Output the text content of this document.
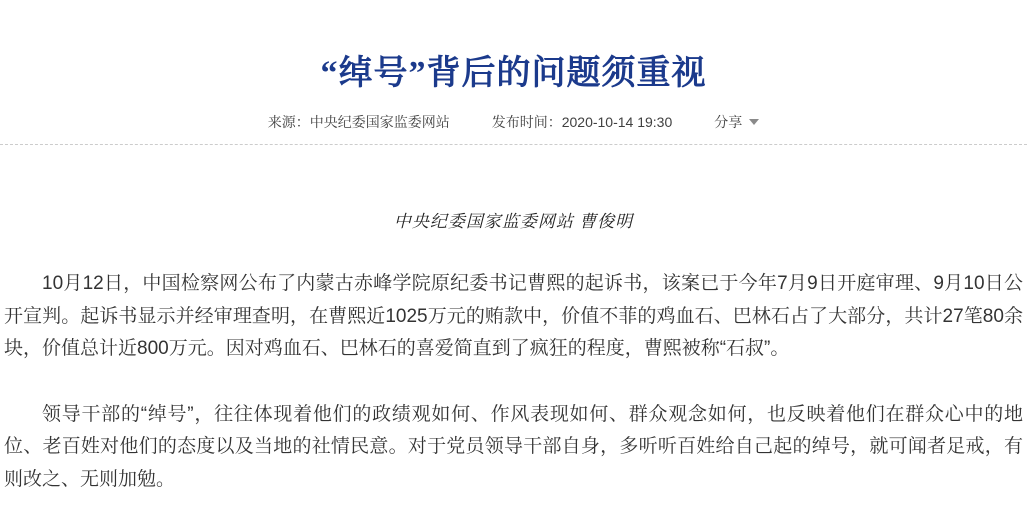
“绰号”背后的问题须重视
来源：中央纪委国家监委网站	发布时间：2020-10-14 19:30	分享
中央纪委国家监委网站 曹俊明

10月12日，中国检察网公布了内蒙古赤峰学院原纪委书记曹熙的起诉书，该案已于今年7月9日开庭审理、9月10日公开宣判。起诉书显示并经审理查明，在曹熙近1025万元的贿款中，价值不菲的鸡血石、巴林石占了大部分，共计27笔80余块，价值总计近800万元。因对鸡血石、巴林石的喜爱简直到了疯狂的程度，曹熙被称“石叔”。

领导干部的“绰号”，往往体现着他们的政绩观如何、作风表现如何、群众观念如何，也反映着他们在群众心中的地位、老百姓对他们的态度以及当地的社情民意。对于党员领导干部自身，多听听百姓给自己起的绰号，就可闻者足戒，有则改之、无则加勉。
